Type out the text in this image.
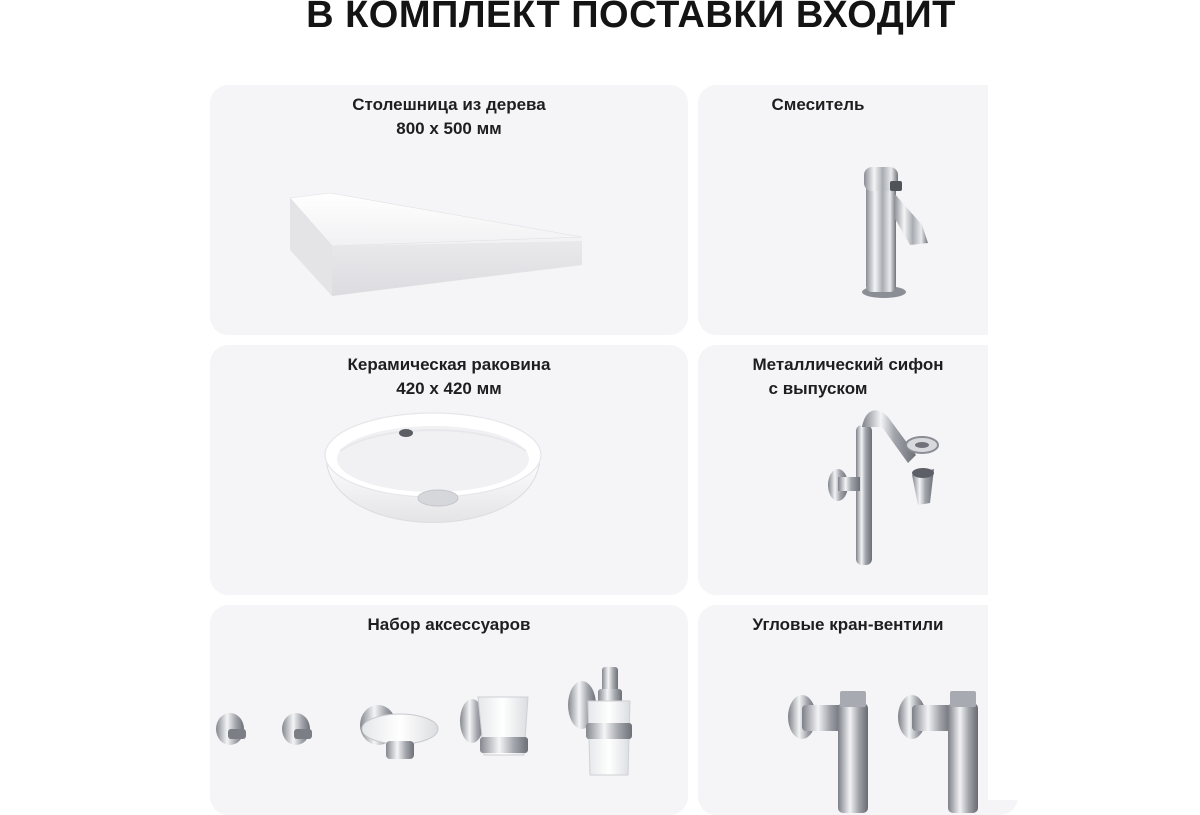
В КОМПЛЕКТ ПОСТАВКИ ВХОДИТ
Столешница из дерева
800 х 500 мм
Смеситель
Керамическая раковина
420 х 420 мм
Металлический сифон
с выпуском
Набор аксессуаров	Угловые кран-вентили
